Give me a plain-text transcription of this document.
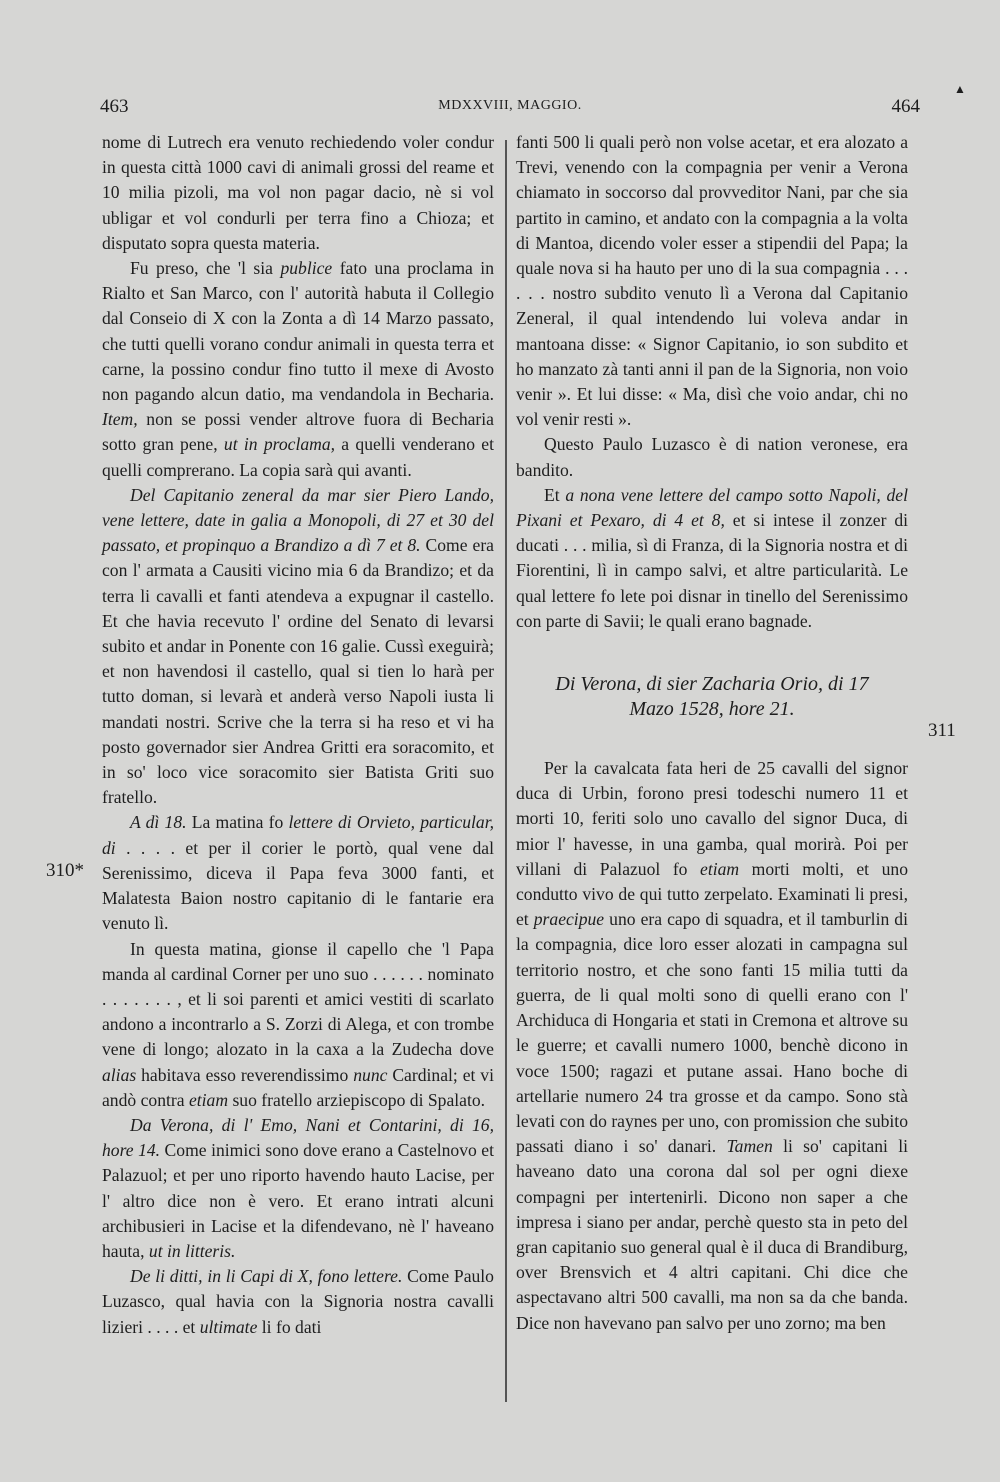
463	MDXXVIII, MAGGIO.	464
▲
310*
311

nome di Lutrech era venuto rechiedendo voler condur in questa città 1000 cavi di animali grossi del reame et 10 milia pizoli, ma vol non pagar dacio, nè si vol ubligar et vol condurli per terra fino a Chioza; et disputato sopra questa materia.

Fu preso, che 'l sia publice fato una proclama in Rialto et San Marco, con l' autorità habuta il Collegio dal Conseio di X con la Zonta a dì 14 Marzo passato, che tutti quelli vorano condur animali in questa terra et carne, la possino condur fino tutto il mexe di Avosto non pagando alcun datio, ma vendandola in Becharia. Item, non se possi vender altrove fuora di Becharia sotto gran pene, ut in proclama, a quelli venderano et quelli comprerano. La copia sarà qui avanti.

Del Capitanio zeneral da mar sier Piero Lando, vene lettere, date in galia a Monopoli, di 27 et 30 del passato, et propinquo a Brandizo a dì 7 et 8. Come era con l' armata a Causiti vicino mia 6 da Brandizo; et da terra li cavalli et fanti atendeva a expugnar il castello. Et che havia recevuto l' ordine del Senato di levarsi subito et andar in Ponente con 16 galie. Cussì exeguirà; et non havendosi il castello, qual si tien lo harà per tutto doman, si levarà et anderà verso Napoli iusta li mandati nostri. Scrive che la terra si ha reso et vi ha posto governador sier Andrea Gritti era soracomito, et in so' loco vice soracomito sier Batista Griti suo fratello.

A dì 18. La matina fo lettere di Orvieto, particular, di . . . . et per il corier le portò, qual vene dal Serenissimo, diceva il Papa feva 3000 fanti, et Malatesta Baion nostro capitanio di le fantarie era venuto lì.

In questa matina, gionse il capello che 'l Papa manda al cardinal Corner per uno suo . . . . . . nominato . . . . . . . , et li soi parenti et amici vestiti di scarlato andono a incontrarlo a S. Zorzi di Alega, et con trombe vene di longo; alozato in la caxa a la Zudecha dove alias habitava esso reverendissimo nunc Cardinal; et vi andò contra etiam suo fratello arziepiscopo di Spalato.

Da Verona, di l' Emo, Nani et Contarini, di 16, hore 14. Come inimici sono dove erano a Castelnovo et Palazuol; et per uno riporto havendo hauto Lacise, per l' altro dice non è vero. Et erano intrati alcuni archibusieri in Lacise et la difendevano, nè l' haveano hauta, ut in litteris.

De li ditti, in li Capi di X, fono lettere. Come Paulo Luzasco, qual havia con la Signoria nostra cavalli lizieri . . . . et ultimate li fo dati

fanti 500 li quali però non volse acetar, et era alozato a Trevi, venendo con la compagnia per venir a Verona chiamato in soccorso dal provveditor Nani, par che sia partito in camino, et andato con la compagnia a la volta di Mantoa, dicendo voler esser a stipendii del Papa; la quale nova si ha hauto per uno di la sua compagnia . . . . . . nostro subdito venuto lì a Verona dal Capitanio Zeneral, il qual intendendo lui voleva andar in mantoana disse: « Signor Capitanio, io son subdito et ho manzato zà tanti anni il pan de la Signoria, non voio venir ». Et lui disse: « Ma, disì che voio andar, chi no vol venir resti ».

Questo Paulo Luzasco è di nation veronese, era bandito.

Et a nona vene lettere del campo sotto Napoli, del Pixani et Pexaro, di 4 et 8, et si intese il zonzer di ducati . . . milia, sì di Franza, di la Signoria nostra et di Fiorentini, lì in campo salvi, et altre particularità. Le qual lettere fo lete poi disnar in tinello del Serenissimo con parte di Savii; le quali erano bagnade.

Di Verona, di sier Zacharia Orio, di 17
Mazo 1528, hore 21.

Per la cavalcata fata heri de 25 cavalli del signor duca di Urbin, forono presi todeschi numero 11 et morti 10, feriti solo uno cavallo del signor Duca, di mior l' havesse, in una gamba, qual morirà. Poi per villani di Palazuol fo etiam morti molti, et uno condutto vivo de qui tutto zerpelato. Examinati li presi, et praecipue uno era capo di squadra, et il tamburlin di la compagnia, dice loro esser alozati in campagna sul territorio nostro, et che sono fanti 15 milia tutti da guerra, de li qual molti sono di quelli erano con l' Archiduca di Hongaria et stati in Cremona et altrove su le guerre; et cavalli numero 1000, benchè dicono in voce 1500; ragazi et putane assai. Hano boche di artellarie numero 24 tra grosse et da campo. Sono stà levati con do raynes per uno, con promission che subito passati diano i so' danari. Tamen li so' capitani li haveano dato una corona dal sol per ogni diexe compagni per intertenirli. Dicono non saper a che impresa i siano per andar, perchè questo sta in peto del gran capitanio suo general qual è il duca di Brandiburg, over Brensvich et 4 altri capitani. Chi dice che aspectavano altri 500 cavalli, ma non sa da che banda. Dice non havevano pan salvo per uno zorno; ma ben
